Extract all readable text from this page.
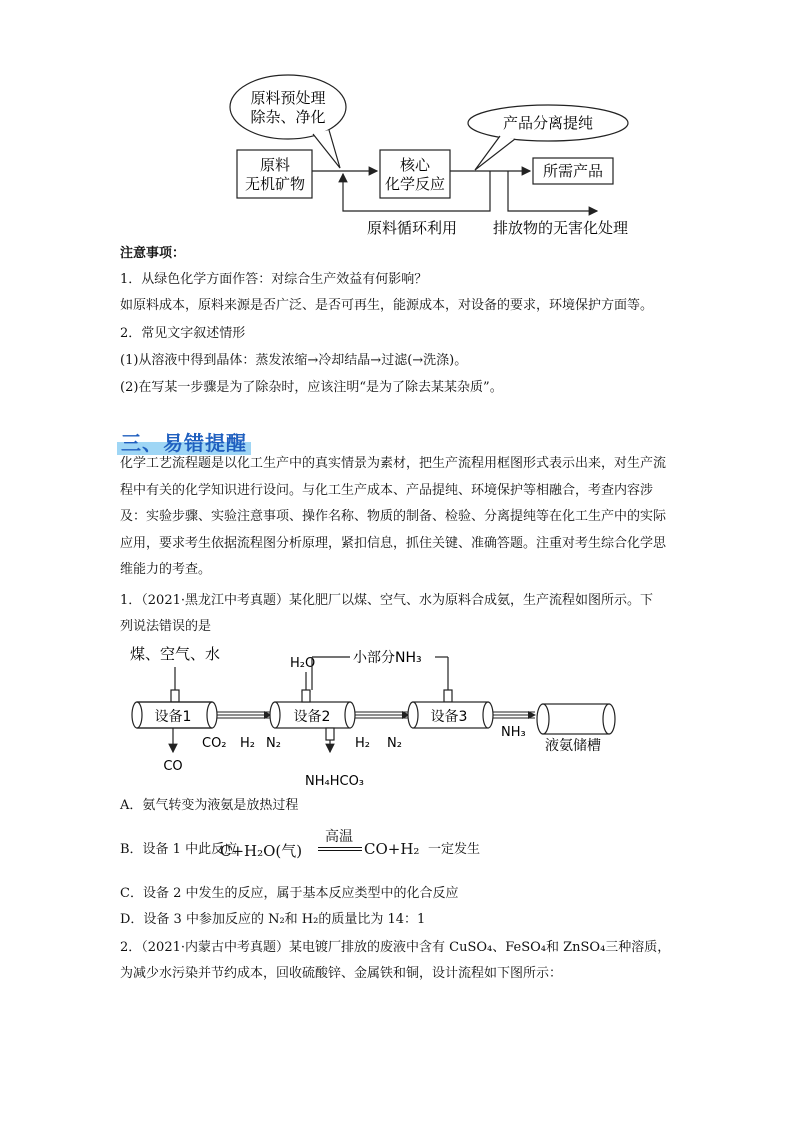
原料预处理
除杂、净化
原料
无机矿物
核心
化学反应
产品分离提纯
所需产品
原料循环利用 排放物的无害化处理
注意事项：
1．从绿色化学方面作答：对综合生产效益有何影响？
如原料成本，原料来源是否广泛、是否可再生，能源成本，对设备的要求，环境保护方面等。
2．常见文字叙述情形
(1)从溶液中得到晶体：蒸发浓缩→冷却结晶→过滤(→洗涤)。
(2)在写某一步骤是为了除杂时，应该注明“是为了除去某某杂质”。
三、易错提醒
化学工艺流程题是以化工生产中的真实情景为素材，把生产流程用框图形式表示出来，对生产流
程中有关的化学知识进行设问。与化工生产成本、产品提纯、环境保护等相融合，考查内容涉
及：实验步骤、实验注意事项、操作名称、物质的制备、检验、分离提纯等在化工生产中的实际
应用，要求考生依据流程图分析原理，紧扣信息，抓住关键、准确答题。注重对考生综合化学思
维能力的考查。
1．（2021·黑龙江中考真题）某化肥厂以煤、空气、水为原料合成氨，生产流程如图所示。下
列说法错误的是
煤、空气、水
设备1
CO
CO₂ H₂ N₂
设备2
H₂O	小部分NH₃
NH₄HCO₃
H₂ N₂
设备3
NH₃
液氨储槽
A．氨气转变为液氨是放热过程
B．设备 1 中此反应
C+H₂O(气)
高温
CO+H₂ 一定发生
C．设备 2 中发生的反应，属于基本反应类型中的化合反应
D．设备 3 中参加反应的 N₂和 H₂的质量比为 14：1
2．（2021·内蒙古中考真题）某电镀厂排放的废液中含有 CuSO₄、FeSO₄和 ZnSO₄三种溶质，
为减少水污染并节约成本，回收硫酸锌、金属铁和铜，设计流程如下图所示：
